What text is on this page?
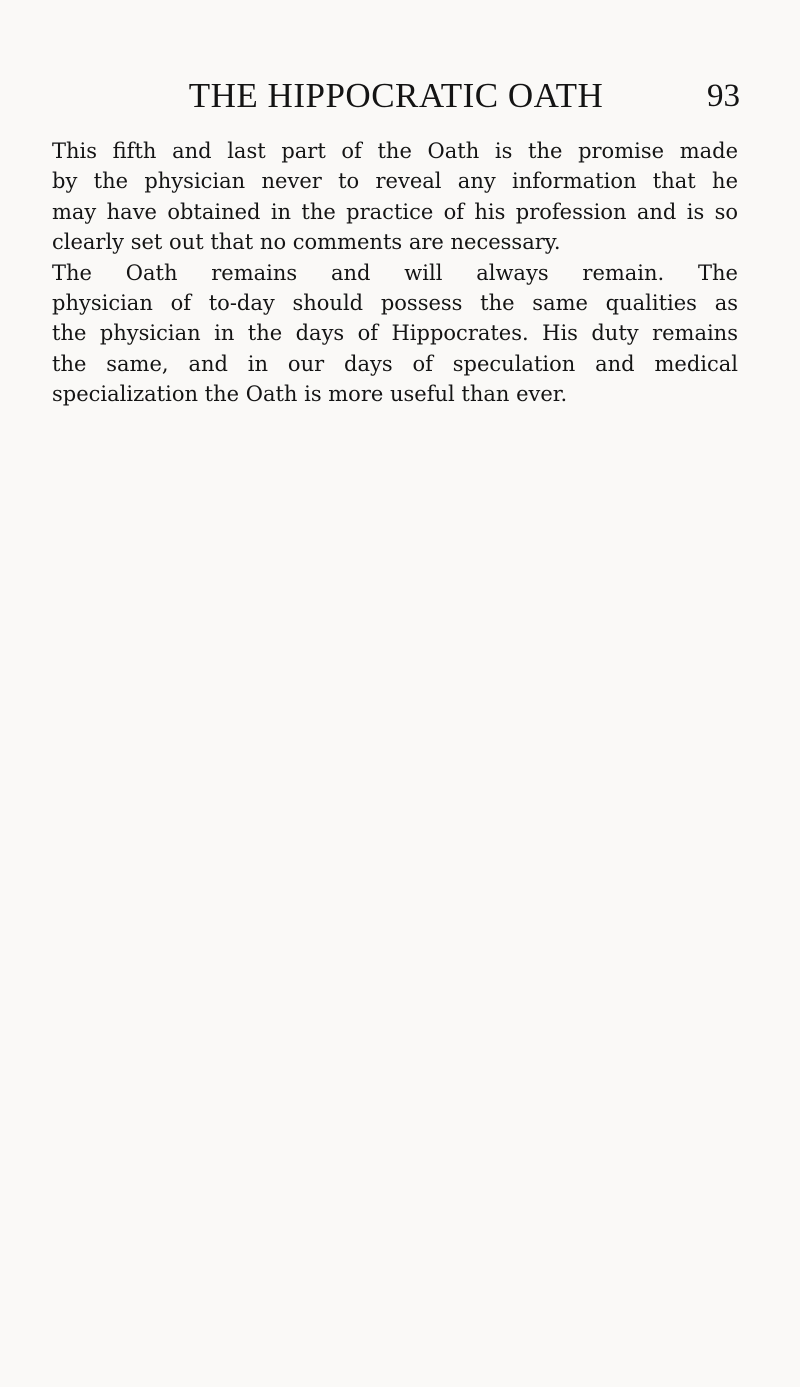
THE HIPPOCRATIC OATH	93
This fifth and last part of the Oath is the promise made
by the physician never to reveal any information that he
may have obtained in the practice of his profession and is so
clearly set out that no comments are necessary.
The Oath remains and will always remain. The
physician of to-day should possess the same qualities as
the physician in the days of Hippocrates. His duty remains
the same, and in our days of speculation and medical
specialization the Oath is more useful than ever.
